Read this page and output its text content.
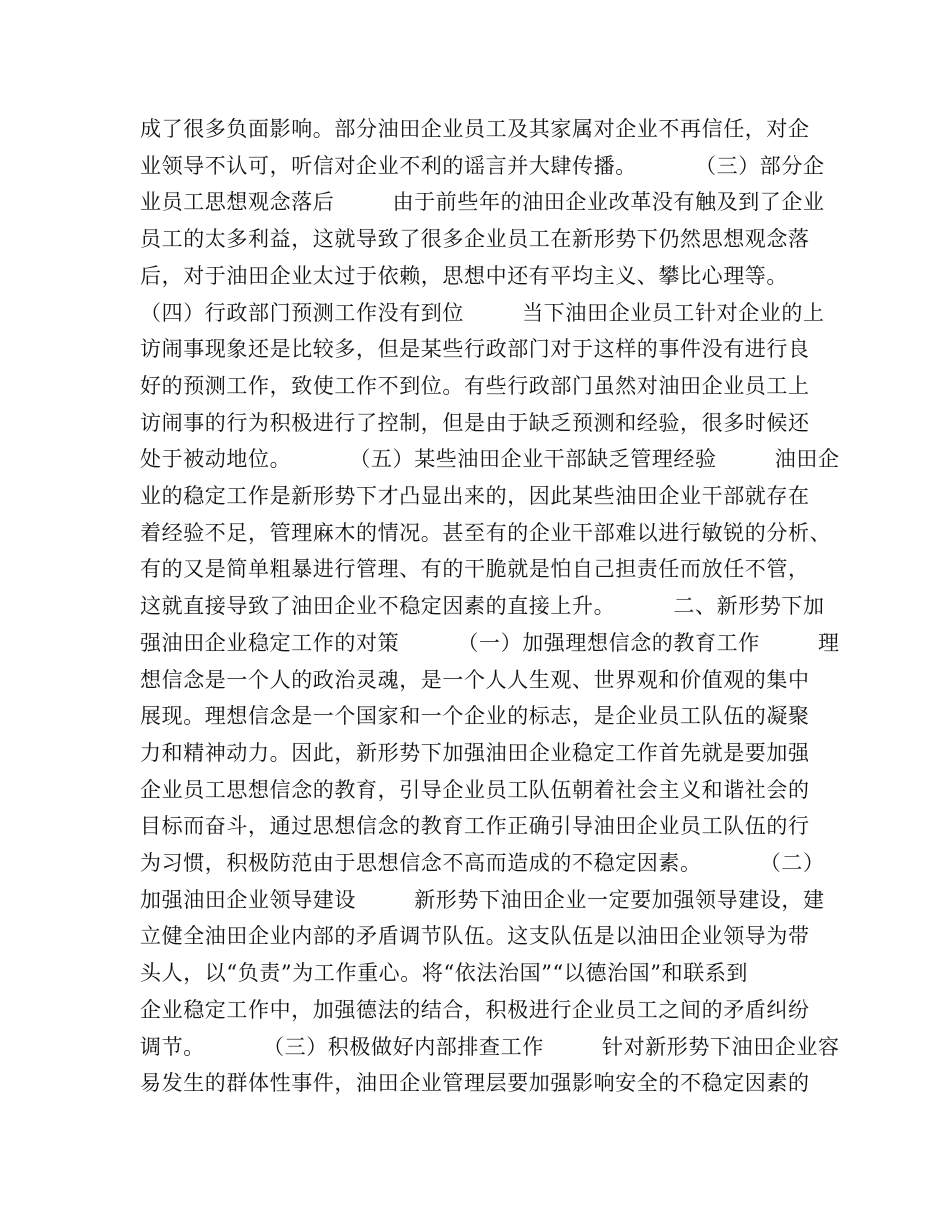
成了很多负面影响。部分油田企业员工及其家属对企业不再信任，对企
业领导不认可，听信对企业不利的谣言并大肆传播。        （三）部分企
业员工思想观念落后        由于前些年的油田企业改革没有触及到了企业
员工的太多利益，这就导致了很多企业员工在新形势下仍然思想观念落
后，对于油田企业太过于依赖，思想中还有平均主义、攀比心理等。
（四）行政部门预测工作没有到位        当下油田企业员工针对企业的上
访闹事现象还是比较多，但是某些行政部门对于这样的事件没有进行良
好的预测工作，致使工作不到位。有些行政部门虽然对油田企业员工上
访闹事的行为积极进行了控制，但是由于缺乏预测和经验，很多时候还
处于被动地位。        （五）某些油田企业干部缺乏管理经验        油田企
业的稳定工作是新形势下才凸显出来的，因此某些油田企业干部就存在
着经验不足，管理麻木的情况。甚至有的企业干部难以进行敏锐的分析、
有的又是简单粗暴进行管理、有的干脆就是怕自己担责任而放任不管，
这就直接导致了油田企业不稳定因素的直接上升。        二、新形势下加
强油田企业稳定工作的对策        （一）加强理想信念的教育工作        理
想信念是一个人的政治灵魂，是一个人人生观、世界观和价值观的集中
展现。理想信念是一个国家和一个企业的标志，是企业员工队伍的凝聚
力和精神动力。因此，新形势下加强油田企业稳定工作首先就是要加强
企业员工思想信念的教育，引导企业员工队伍朝着社会主义和谐社会的
目标而奋斗，通过思想信念的教育工作正确引导油田企业员工队伍的行
为习惯，积极防范由于思想信念不高而造成的不稳定因素。        （二）
加强油田企业领导建设        新形势下油田企业一定要加强领导建设，建
立健全油田企业内部的矛盾调节队伍。这支队伍是以油田企业领导为带
头人，以“负责”为工作重心。将“依法治国”“以德治国”和联系到
企业稳定工作中，加强德法的结合，积极进行企业员工之间的矛盾纠纷
调节。        （三）积极做好内部排查工作        针对新形势下油田企业容
易发生的群体性事件，油田企业管理层要加强影响安全的不稳定因素的
